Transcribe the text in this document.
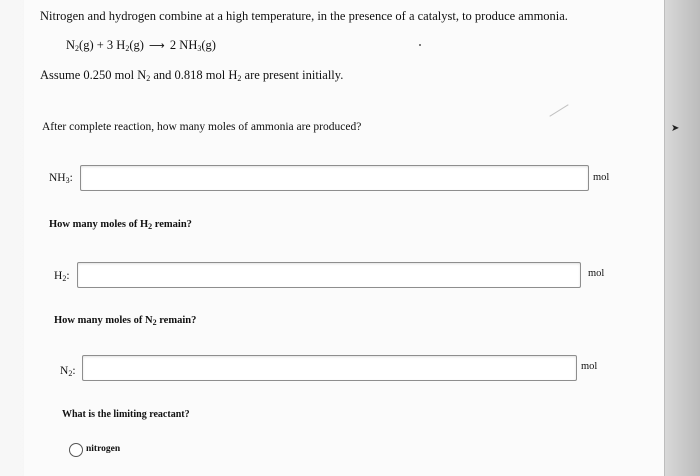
Nitrogen and hydrogen combine at a high temperature, in the presence of a catalyst, to produce ammonia.
$N_2(g) + 3$ $H_2(g)$ ⟶ 2 $NH_3(g)$
Assume 0.250 mol $N_2$ and 0.818 mol $H_2$ are present initially.
After complete reaction, how many moles of ammonia are produced?	➤
$NH_3$:	mol
How many moles of $H_2$ remain?
$H_2$:	mol
How many moles of $N_2$ remain?
$N_2$:	mol
What is the limiting reactant?
nitrogen
